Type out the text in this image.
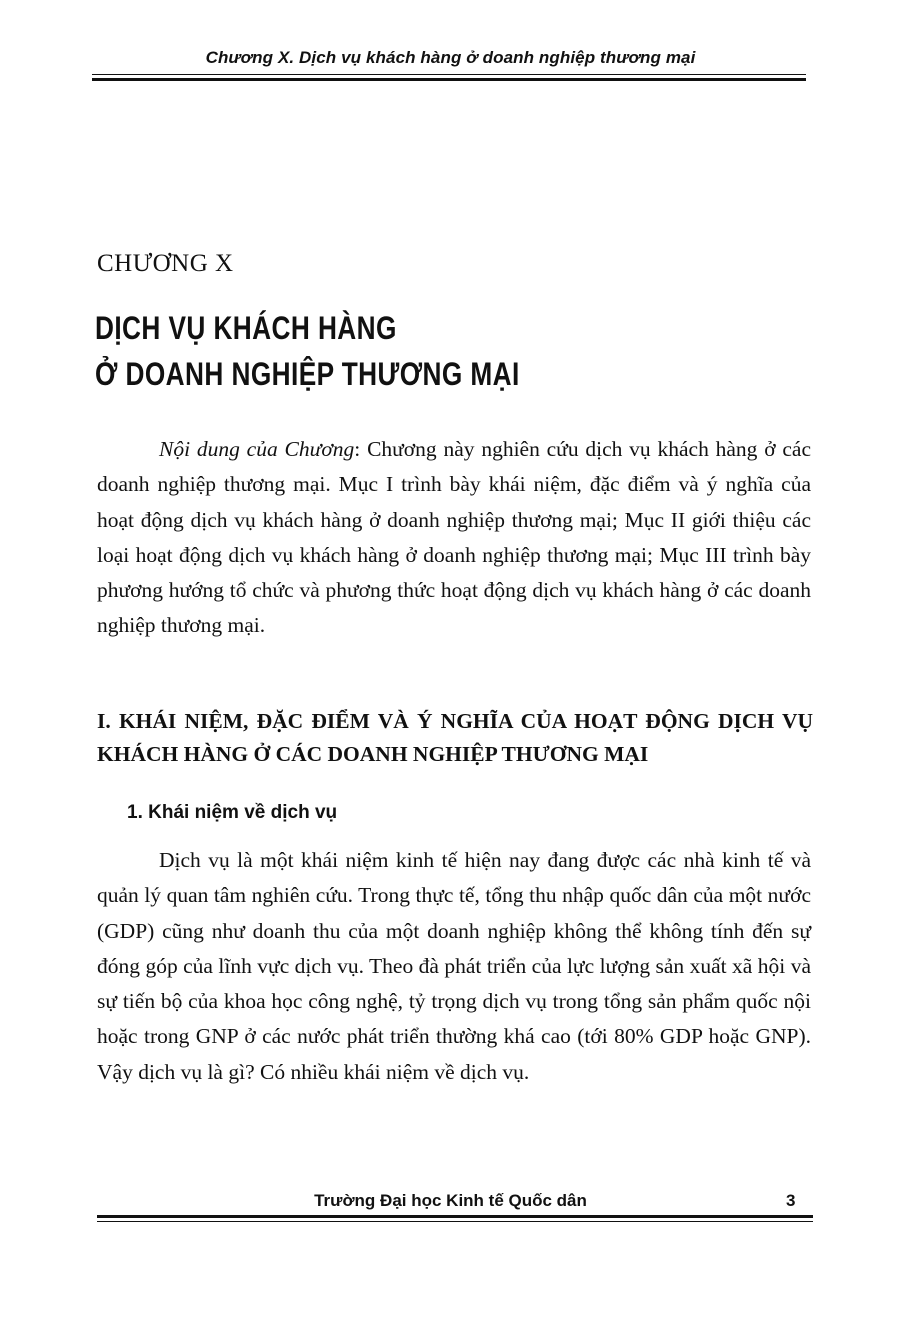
Chương X. Dịch vụ khách hàng ở doanh nghiệp thương mại
CHƯƠNG X
DỊCH VỤ KHÁCH HÀNG
Ở DOANH NGHIỆP THƯƠNG MẠI

Nội dung của Chương: Chương này nghiên cứu dịch vụ khách hàng ở các doanh nghiệp thương mại. Mục I trình bày khái niệm, đặc điểm và ý nghĩa của hoạt động dịch vụ khách hàng ở doanh nghiệp thương mại; Mục II giới thiệu các loại hoạt động dịch vụ khách hàng ở doanh nghiệp thương mại; Mục III trình bày phương hướng tổ chức và phương thức hoạt động dịch vụ khách hàng ở các doanh nghiệp thương mại.

I. KHÁI NIỆM, ĐẶC ĐIỂM VÀ Ý NGHĨA CỦA HOẠT ĐỘNG DỊCH VỤ KHÁCH HÀNG Ở CÁC DOANH NGHIỆP THƯƠNG MẠI

1. Khái niệm về dịch vụ

Dịch vụ là một khái niệm kinh tế hiện nay đang được các nhà kinh tế và quản lý quan tâm nghiên cứu. Trong thực tế, tổng thu nhập quốc dân của một nước (GDP) cũng như doanh thu của một doanh nghiệp không thể không tính đến sự đóng góp của lĩnh vực dịch vụ. Theo đà phát triển của lực lượng sản xuất xã hội và sự tiến bộ của khoa học công nghệ, tỷ trọng dịch vụ trong tổng sản phẩm quốc nội hoặc trong GNP ở các nước phát triển thường khá cao (tới 80% GDP hoặc GNP). Vậy dịch vụ là gì? Có nhiều khái niệm về dịch vụ.

Trường Đại học Kinh tế Quốc dân	3
